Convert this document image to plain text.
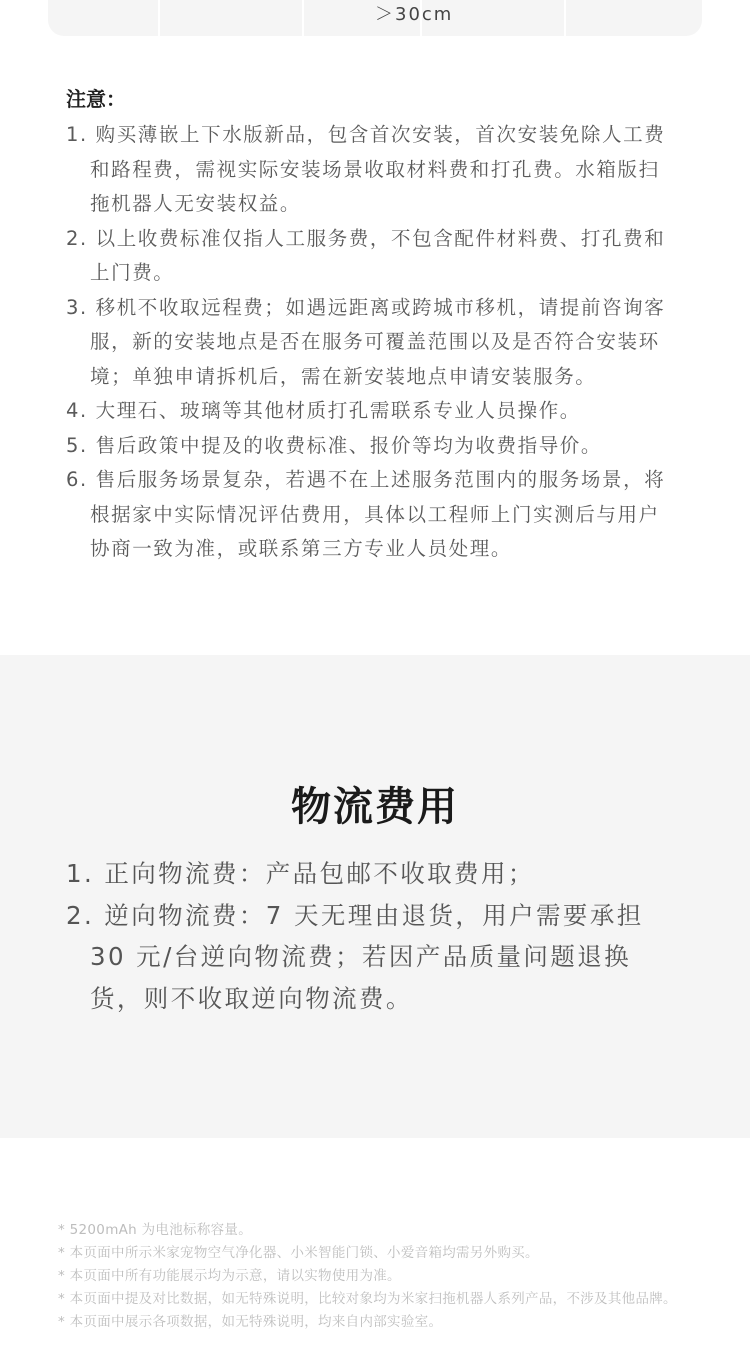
＞30cm
注意：
1. 购买薄嵌上下水版新品，包含首次安装，首次安装免除人工费和路程费，需视实际安装场景收取材料费和打孔费。水箱版扫拖机器人无安装权益。
2. 以上收费标准仅指人工服务费，不包含配件材料费、打孔费和上门费。
3. 移机不收取远程费；如遇远距离或跨城市移机，请提前咨询客服，新的安装地点是否在服务可覆盖范围以及是否符合安装环境；单独申请拆机后，需在新安装地点申请安装服务。
4. 大理石、玻璃等其他材质打孔需联系专业人员操作。
5. 售后政策中提及的收费标准、报价等均为收费指导价。
6. 售后服务场景复杂，若遇不在上述服务范围内的服务场景，将根据家中实际情况评估费用，具体以工程师上门实测后与用户协商一致为准，或联系第三方专业人员处理。
物流费用
1. 正向物流费：产品包邮不收取费用；
2. 逆向物流费：7 天无理由退货，用户需要承担 30 元/台逆向物流费；若因产品质量问题退换货，则不收取逆向物流费。

* 5200mAh 为电池标称容量。

* 本页面中所示米家宠物空气净化器、小米智能门锁、小爱音箱均需另外购买。

* 本页面中所有功能展示均为示意，请以实物使用为准。

* 本页面中提及对比数据，如无特殊说明，比较对象均为米家扫拖机器人系列产品，不涉及其他品牌。

* 本页面中展示各项数据，如无特殊说明，均来自内部实验室。
